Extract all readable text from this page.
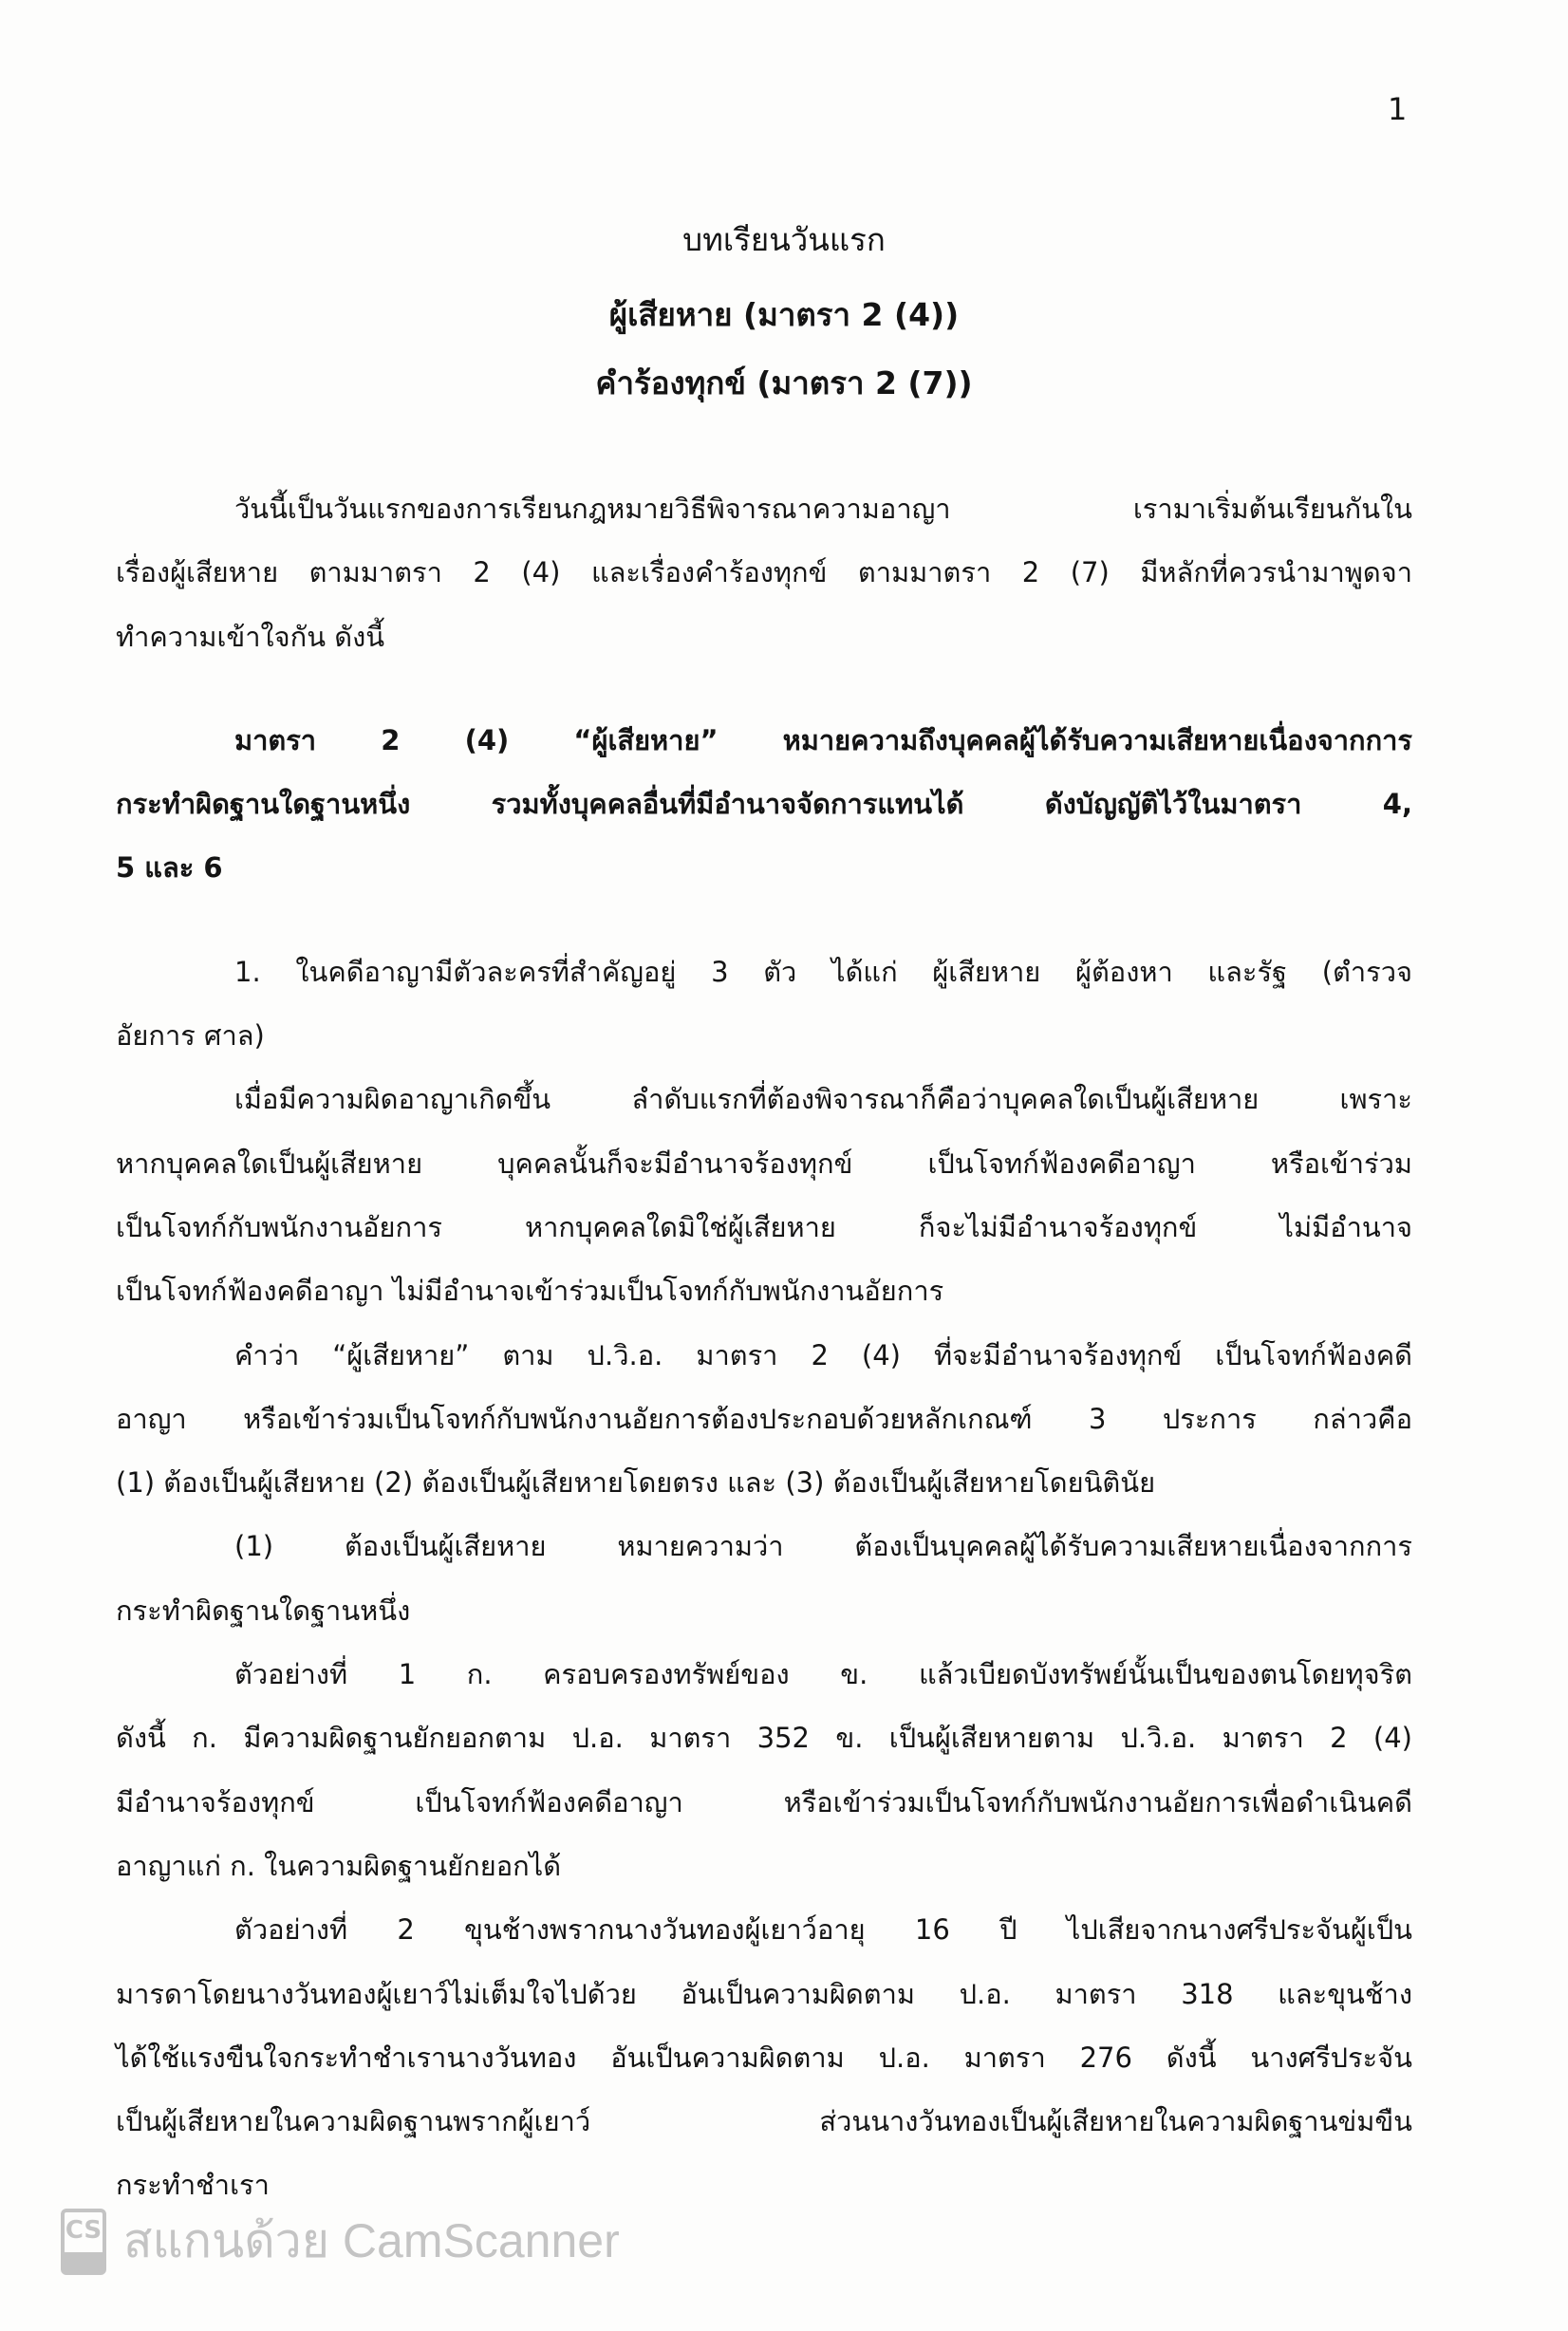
1
บทเรียนวันแรก
ผู้เสียหาย (มาตรา 2 (4))
คำร้องทุกข์ (มาตรา 2 (7))
วันนี้เป็นวันแรกของการเรียนกฎหมายวิธีพิจารณาความอาญา เรามาเริ่มต้นเรียนกันใน
เรื่องผู้เสียหาย ตามมาตรา 2 (4) และเรื่องคำร้องทุกข์ ตามมาตรา 2 (7) มีหลักที่ควรนำมาพูดจา
ทำความเข้าใจกัน ดังนี้
มาตรา 2 (4) “ผู้เสียหาย” หมายความถึงบุคคลผู้ได้รับความเสียหายเนื่องจากการ
กระทำผิดฐานใดฐานหนึ่ง รวมทั้งบุคคลอื่นที่มีอำนาจจัดการแทนได้ ดังบัญญัติไว้ในมาตรา 4,
5 และ 6
1. ในคดีอาญามีตัวละครที่สำคัญอยู่ 3 ตัว ได้แก่ ผู้เสียหาย ผู้ต้องหา และรัฐ (ตำรวจ
อัยการ ศาล)
เมื่อมีความผิดอาญาเกิดขึ้น ลำดับแรกที่ต้องพิจารณาก็คือว่าบุคคลใดเป็นผู้เสียหาย เพราะ
หากบุคคลใดเป็นผู้เสียหาย บุคคลนั้นก็จะมีอำนาจร้องทุกข์ เป็นโจทก์ฟ้องคดีอาญา หรือเข้าร่วม
เป็นโจทก์กับพนักงานอัยการ หากบุคคลใดมิใช่ผู้เสียหาย ก็จะไม่มีอำนาจร้องทุกข์ ไม่มีอำนาจ
เป็นโจทก์ฟ้องคดีอาญา ไม่มีอำนาจเข้าร่วมเป็นโจทก์กับพนักงานอัยการ
คำว่า “ผู้เสียหาย” ตาม ป.วิ.อ. มาตรา 2 (4) ที่จะมีอำนาจร้องทุกข์ เป็นโจทก์ฟ้องคดี
อาญา หรือเข้าร่วมเป็นโจทก์กับพนักงานอัยการต้องประกอบด้วยหลักเกณฑ์ 3 ประการ กล่าวคือ
(1) ต้องเป็นผู้เสียหาย (2) ต้องเป็นผู้เสียหายโดยตรง และ (3) ต้องเป็นผู้เสียหายโดยนิตินัย
(1) ต้องเป็นผู้เสียหาย หมายความว่า ต้องเป็นบุคคลผู้ได้รับความเสียหายเนื่องจากการ
กระทำผิดฐานใดฐานหนึ่ง
ตัวอย่างที่ 1 ก. ครอบครองทรัพย์ของ ข. แล้วเบียดบังทรัพย์นั้นเป็นของตนโดยทุจริต
ดังนี้ ก. มีความผิดฐานยักยอกตาม ป.อ. มาตรา 352 ข. เป็นผู้เสียหายตาม ป.วิ.อ. มาตรา 2 (4)
มีอำนาจร้องทุกข์ เป็นโจทก์ฟ้องคดีอาญา หรือเข้าร่วมเป็นโจทก์กับพนักงานอัยการเพื่อดำเนินคดี
อาญาแก่ ก. ในความผิดฐานยักยอกได้
ตัวอย่างที่ 2 ขุนช้างพรากนางวันทองผู้เยาว์อายุ 16 ปี ไปเสียจากนางศรีประจันผู้เป็น
มารดาโดยนางวันทองผู้เยาว์ไม่เต็มใจไปด้วย อันเป็นความผิดตาม ป.อ. มาตรา 318 และขุนช้าง
ได้ใช้แรงขืนใจกระทำชำเรานางวันทอง อันเป็นความผิดตาม ป.อ. มาตรา 276 ดังนี้ นางศรีประจัน
เป็นผู้เสียหายในความผิดฐานพรากผู้เยาว์ ส่วนนางวันทองเป็นผู้เสียหายในความผิดฐานข่มขืน
กระทำชำเรา
CS สแกนด้วย CamScanner
